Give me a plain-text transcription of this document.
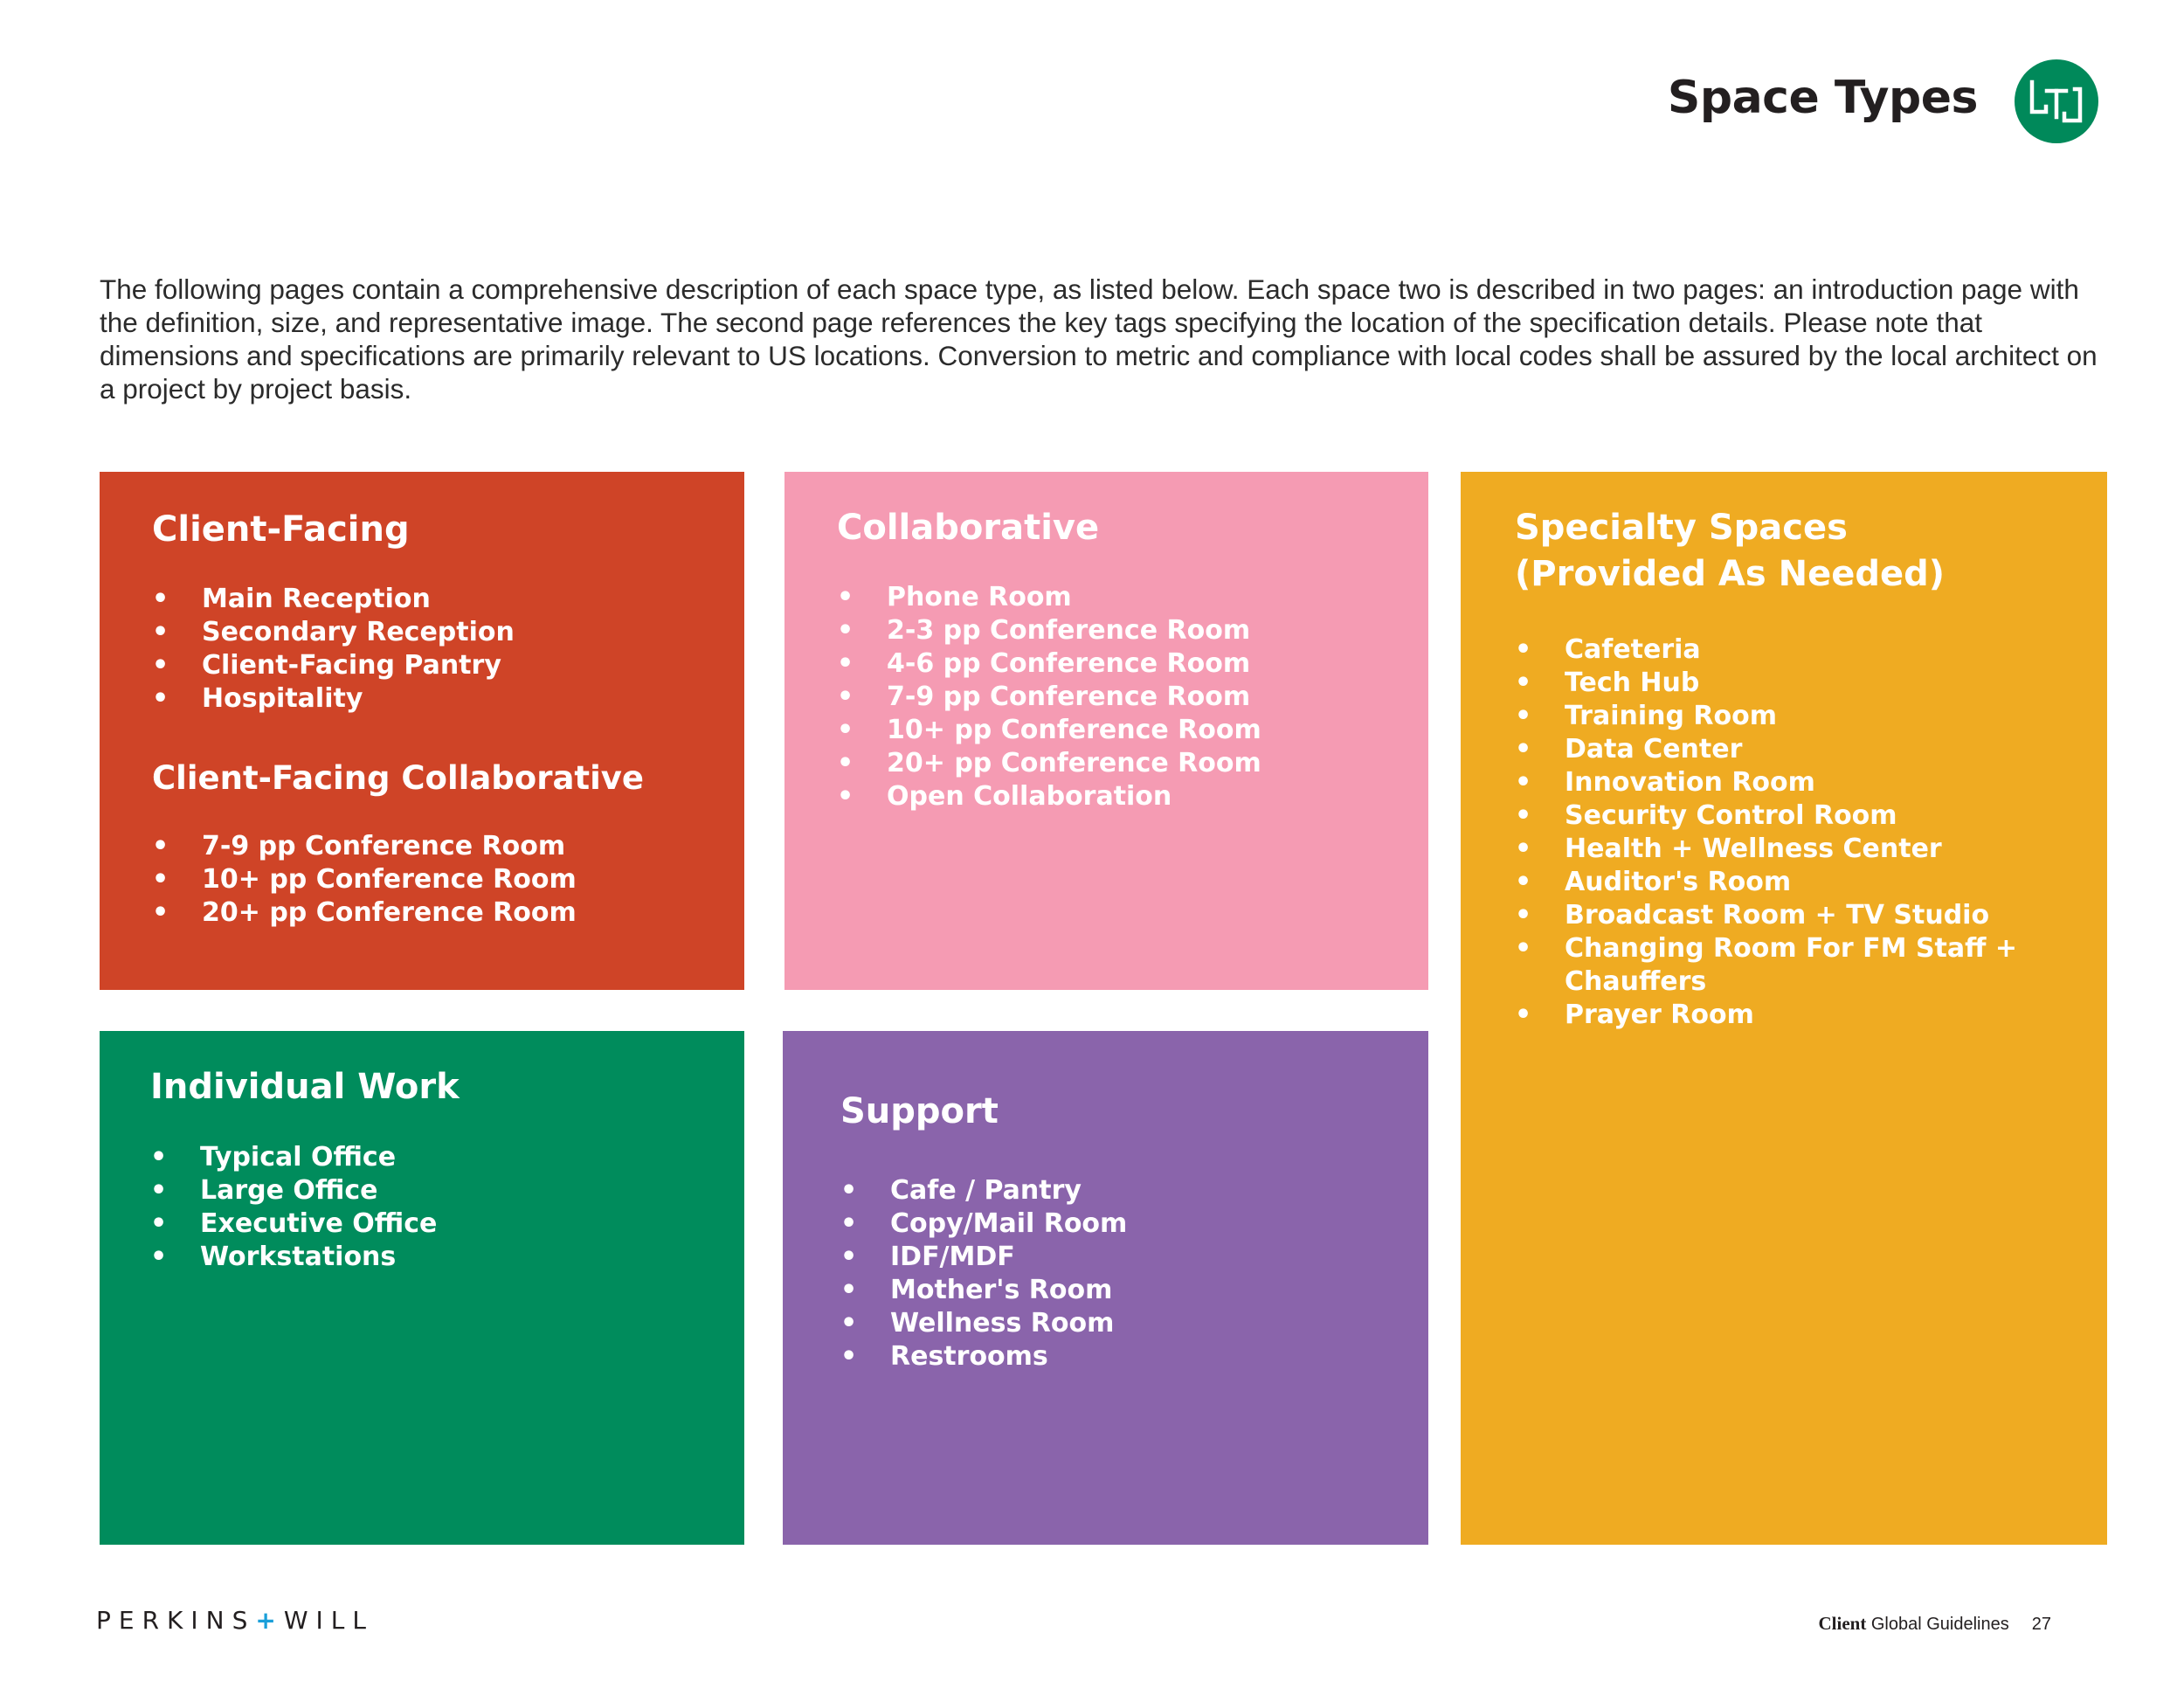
Space Types

The following pages contain a comprehensive description of each space type, as listed below. Each space two is described in two pages: an introduction page with the definition, size, and representative image. The second page references the key tags specifying the location of the specification details. Please note that dimensions and specifications are primarily relevant to US locations. Conversion to metric and compliance with local codes shall be assured by the local architect on a project by project basis.

Client-Facing
• Main Reception
• Secondary Reception
• Client-Facing Pantry
• Hospitality
Client-Facing Collaborative
• 7-9 pp Conference Room
• 10+ pp Conference Room
• 20+ pp Conference Room
Collaborative
• Phone Room
• 2-3 pp Conference Room
• 4-6 pp Conference Room
• 7-9 pp Conference Room
• 10+ pp Conference Room
• 20+ pp Conference Room
• Open Collaboration
Specialty Spaces
(Provided As Needed)
• Cafeteria
• Tech Hub
• Training Room
• Data Center
• Innovation Room
• Security Control Room
• Health + Wellness Center
• Auditor's Room
• Broadcast Room + TV Studio
• Changing Room For FM Staff +
Chauffers
• Prayer Room
Individual Work
• Typical Office
• Large Office
• Executive Office
• Workstations
Support
• Cafe / Pantry
• Copy/Mail Room
• IDF/MDF
• Mother's Room
• Wellness Room
• Restrooms

PERKINS+WILL	Client Global Guidelines 27
